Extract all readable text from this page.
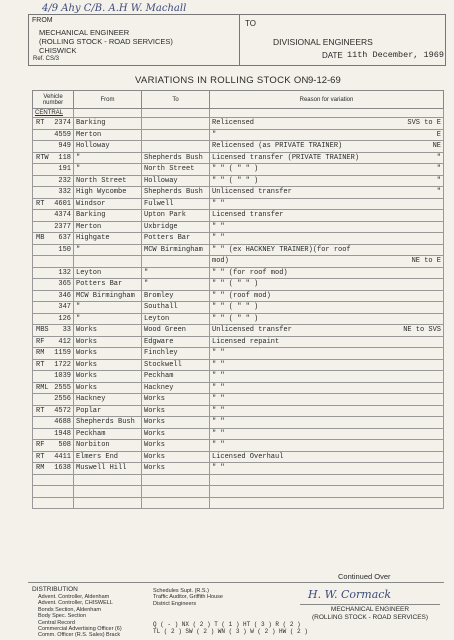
4/9 Ahy C/B. A.H W. Machall
FROM
MECHANICAL ENGINEER
(ROLLING STOCK - ROAD SERVICES)
CHISWICK
Ref. CS/3
TO
DIVISIONAL ENGINEERS
DATE 11th December, 1969
VARIATIONS IN ROLLING STOCK ON 9-12-69
Vehicle number	From	To	Reason for variation
CENTRAL			

RT 2374	Barking		Relicensed SVS to E

4559	Merton		" E

949	Holloway		Relicensed (as PRIVATE TRAINER) NE

RTW 118	"	Shepherds Bush	Licensed transfer (PRIVATE TRAINER) "

191	"	North Street	" " ( " " ) "

232	North Street	Holloway	" " ( " " ) "

332	High Wycombe	Shepherds Bush	Unlicensed transfer "

RT 4601	Windsor	Fulwell	" "

4374	Barking	Upton Park	Licensed transfer

2377	Merton	Uxbridge	" "

MB 637	Highgate	Potters Bar	" "

150	"	MCW Birmingham	" " (ex HACKNEY TRAINER)(for roof

			mod) NE to E

132	Leyton	"	" " (for roof mod)

365	Potters Bar	"	" " ( " " )

346	MCW Birmingham	Bromley	" " (roof mod)

347	"	Southall	" " ( " " )

126	"	Leyton	" " ( " " )

MBS 33	Works	Wood Green	Unlicensed transfer NE to SVS

RF 412	Works	Edgware	Licensed repaint

RM 1159	Works	Finchley	" "

RT 1722	Works	Stockwell	" "

1039	Works	Peckham	" "

RML 2555	Works	Hackney	" "

2556	Hackney	Works	" "

RT 4572	Poplar	Works	" "

4688	Shepherds Bush	Works	" "

1948	Peckham	Works	" "

RF 508	Norbiton	Works	" "

RT 4411	Elmers End	Works	Licensed Overhaul

RM 1638	Muswell Hill	Works	" "

Continued Over
DISTRIBUTION
Advent. Controller, Aldenham
Advent. Controller, CHISWELL
Bonds Section, Aldenham
Body Spec. Section
Central Record
Commercial Advertising Officer (6)
Comm. Officer (R.S. Sales) Brack
Schedules Supt. (R.S.)
Traffic Auditor, Griffith House
District Engineers
Q ( - ) NX ( 2 ) T ( 1 ) HT ( 3 ) R ( 2 )
TL ( 2 ) SW ( 2 ) WN ( 3 ) W ( 2 ) HW ( 2 )
H. W. Cormack
MECHANICAL ENGINEER
(ROLLING STOCK - ROAD SERVICES)
